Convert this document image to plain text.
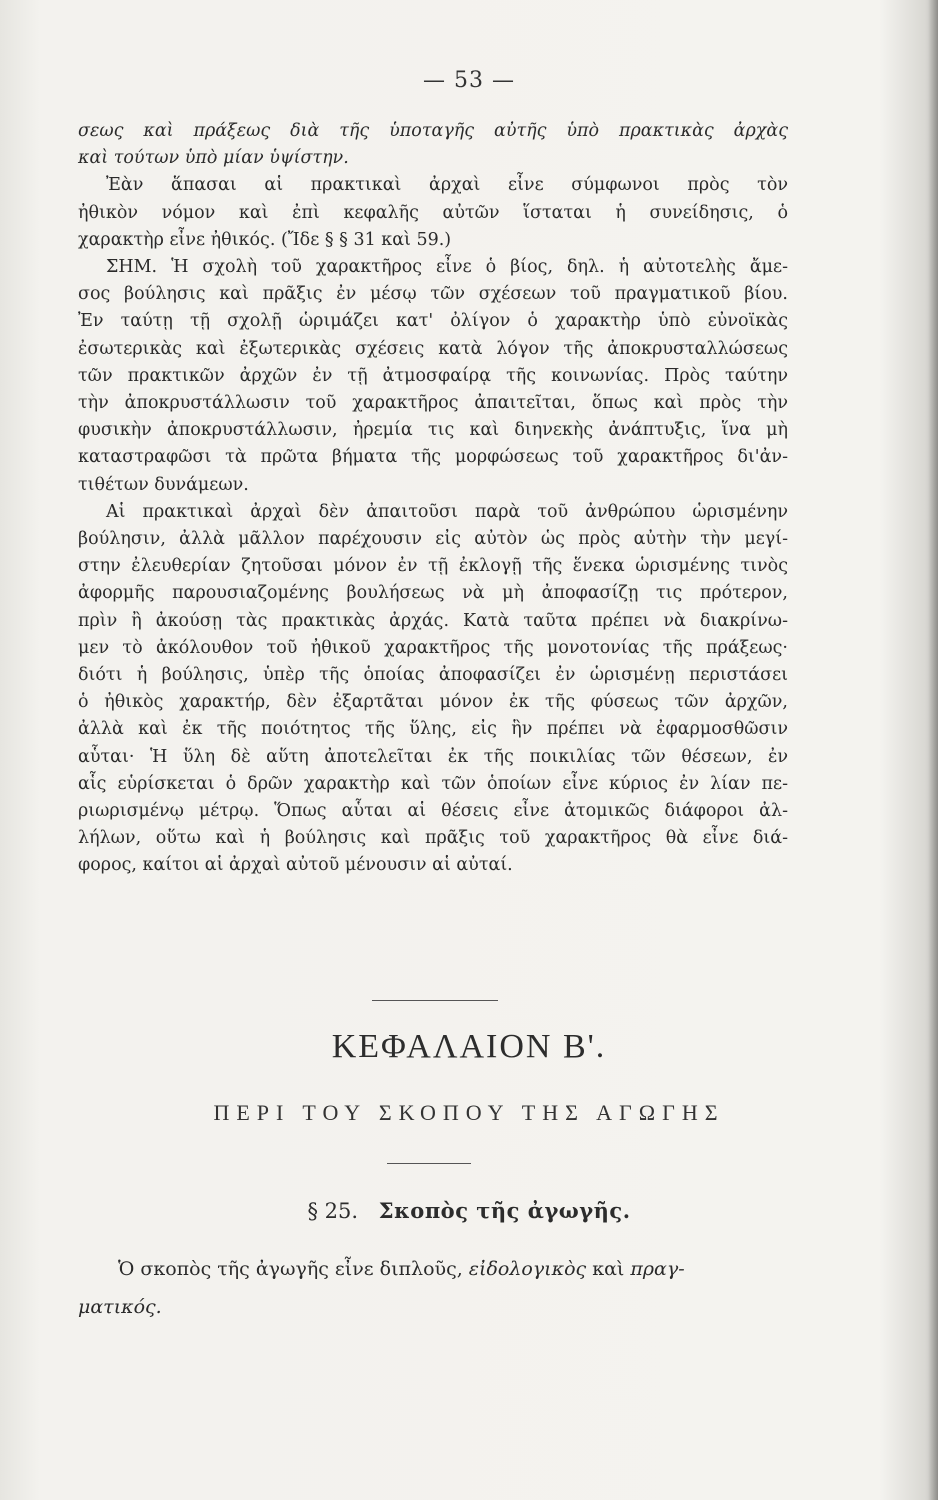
— 53 —
σεως καὶ πράξεως διὰ τῆς ὑποταγῆς αὐτῆς ὑπὸ πρακτικὰς ἀρχὰς
καὶ τούτων ὑπὸ μίαν ὑψίστην.
Ἐὰν ἅπασαι αἱ πρακτικαὶ ἀρχαὶ εἶνε σύμφωνοι πρὸς τὸν
ἠθικὸν νόμον καὶ ἐπὶ κεφαλῆς αὐτῶν ἵσταται ἡ συνείδησις, ὁ
χαρακτὴρ εἶνε ἠθικός. (Ἴδε § § 31 καὶ 59.)
ΣΗΜ. Ἡ σχολὴ τοῦ χαρακτῆρος εἶνε ὁ βίος, δηλ. ἡ αὐτοτελὴς ἄμε-
σος βούλησις καὶ πρᾶξις ἐν μέσῳ τῶν σχέσεων τοῦ πραγματικοῦ βίου.
Ἐν ταύτῃ τῇ σχολῇ ὡριμάζει κατ' ὀλίγον ὁ χαρακτὴρ ὑπὸ εὐνοϊκὰς
ἐσωτερικὰς καὶ ἐξωτερικὰς σχέσεις κατὰ λόγον τῆς ἀποκρυσταλλώσεως
τῶν πρακτικῶν ἀρχῶν ἐν τῇ ἀτμοσφαίρᾳ τῆς κοινωνίας. Πρὸς ταύτην
τὴν ἀποκρυστάλλωσιν τοῦ χαρακτῆρος ἀπαιτεῖται, ὅπως καὶ πρὸς τὴν
φυσικὴν ἀποκρυστάλλωσιν, ἠρεμία τις καὶ διηνεκὴς ἀνάπτυξις, ἵνα μὴ
καταστραφῶσι τὰ πρῶτα βήματα τῆς μορφώσεως τοῦ χαρακτῆρος δι'ἀν-
τιθέτων δυνάμεων.
Αἱ πρακτικαὶ ἀρχαὶ δὲν ἀπαιτοῦσι παρὰ τοῦ ἀνθρώπου ὡρισμένην
βούλησιν, ἀλλὰ μᾶλλον παρέχουσιν εἰς αὐτὸν ὡς πρὸς αὐτὴν τὴν μεγί-
στην ἐλευθερίαν ζητοῦσαι μόνον ἐν τῇ ἐκλογῇ τῆς ἕνεκα ὡρισμένης τινὸς
ἀφορμῆς παρουσιαζομένης βουλήσεως νὰ μὴ ἀποφασίζῃ τις πρότερον,
πρὶν ἢ ἀκούσῃ τὰς πρακτικὰς ἀρχάς. Κατὰ ταῦτα πρέπει νὰ διακρίνω-
μεν τὸ ἀκόλουθον τοῦ ἠθικοῦ χαρακτῆρος τῆς μονοτονίας τῆς πράξεως·
διότι ἡ βούλησις, ὑπὲρ τῆς ὁποίας ἀποφασίζει ἐν ὡρισμένῃ περιστάσει
ὁ ἠθικὸς χαρακτήρ, δὲν ἐξαρτᾶται μόνον ἐκ τῆς φύσεως τῶν ἀρχῶν,
ἀλλὰ καὶ ἐκ τῆς ποιότητος τῆς ὕλης, εἰς ἣν πρέπει νὰ ἐφαρμοσθῶσιν
αὗται· Ἡ ὕλη δὲ αὕτη ἀποτελεῖται ἐκ τῆς ποικιλίας τῶν θέσεων, ἐν
αἷς εὑρίσκεται ὁ δρῶν χαρακτὴρ καὶ τῶν ὁποίων εἶνε κύριος ἐν λίαν πε-
ριωρισμένῳ μέτρῳ. Ὅπως αὗται αἱ θέσεις εἶνε ἀτομικῶς διάφοροι ἀλ-
λήλων, οὕτω καὶ ἡ βούλησις καὶ πρᾶξις τοῦ χαρακτῆρος θὰ εἶνε διά-
φορος, καίτοι αἱ ἀρχαὶ αὐτοῦ μένουσιν αἱ αὐταί.
ΚΕΦΑΛΑΙΟΝ Β'.
ΠΕΡΙ ΤΟΥ ΣΚΟΠΟΥ ΤΗΣ ΑΓΩΓΗΣ
§ 25. Σκοπὸς τῆς ἀγωγῆς.
Ὁ σκοπὸς τῆς ἀγωγῆς εἶνε διπλοῦς, εἰδολογικὸς καὶ πραγ-
ματικός.
